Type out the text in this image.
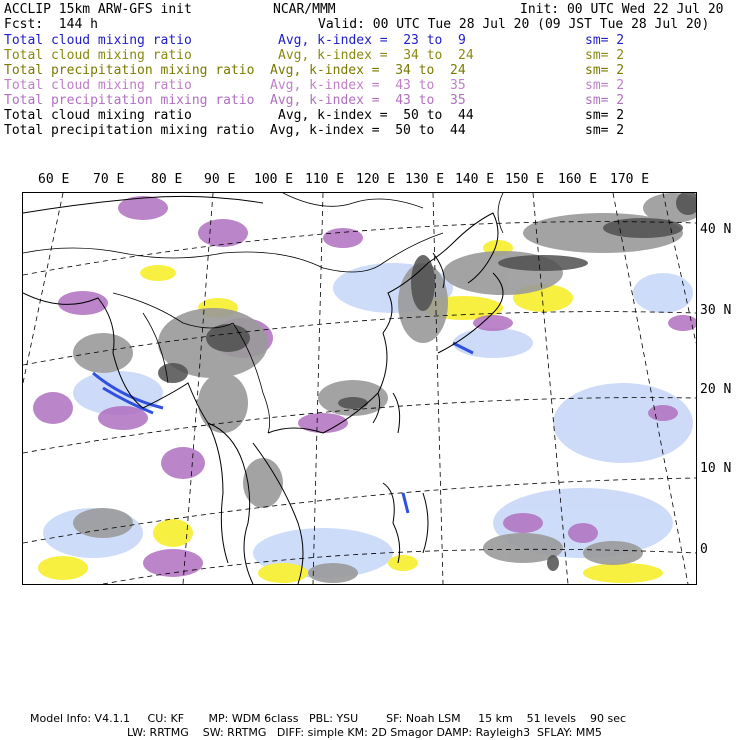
ACCLIP 15km ARW-GFS init	NCAR/MMM	Init: 00 UTC Wed 22 Jul 20
Fcst:  144 h	Valid: 00 UTC Tue 28 Jul 20 (09 JST Tue 28 Jul 20)
Total cloud mixing ratio	Avg, k-index =  23 to  9	sm= 2
Total cloud mixing ratio	Avg, k-index =  34 to  24	sm= 2
Total precipitation mixing ratio Avg, k-index =  34 to  24	sm= 2
Total cloud mixing ratio	Avg, k-index =  43 to  35	sm= 2
Total precipitation mixing ratio Avg, k-index =  43 to  35	sm= 2
Total cloud mixing ratio	Avg, k-index =  50 to  44	sm= 2
Total precipitation mixing ratio Avg, k-index =  50 to  44	sm= 2
60 E 70 E 80 E 90 E 100 E 110 E 120 E 130 E 140 E 150 E 160 E 170 E
40 N
30 N
20 N
10 N
0
Model Info: V4.1.1     CU: KF       MP: WDM 6class   PBL: YSU        SF: Noah LSM     15 km    51 levels    90 sec
LW: RRTMG    SW: RRTMG   DIFF: simple KM: 2D Smagor DAMP: Rayleigh3  SFLAY: MM5
